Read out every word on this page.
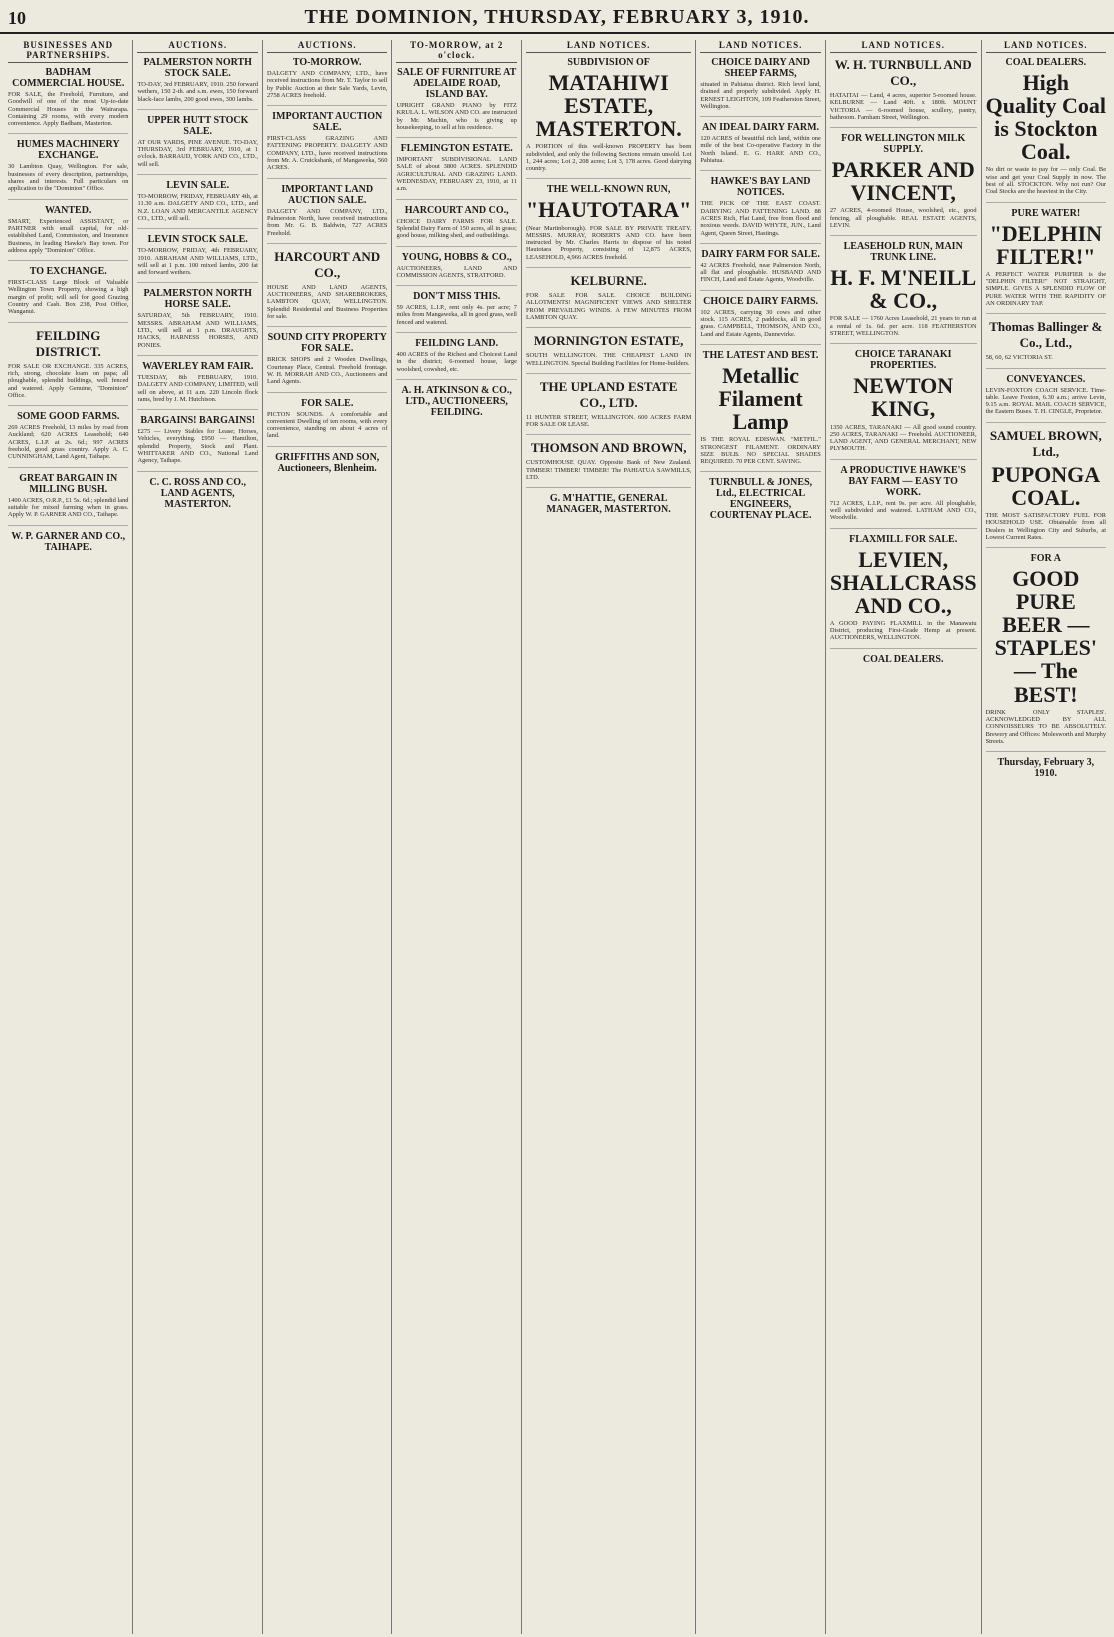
10	THE DOMINION, THURSDAY, FEBRUARY 3, 1910.
BUSINESSES AND PARTNERSHIPS.
BADHAM COMMERCIAL HOUSE.
FOR SALE, the Freehold, Furniture, and Goodwill of one of the most Up-to-date Commercial Houses in the Wairarapa. Containing 29 rooms, with every modern convenience. Apply Badham, Masterton.
HUMES MACHINERY EXCHANGE.
30 Lambton Quay, Wellington. For sale, businesses of every description, partnerships, shares and interests. Full particulars on application to the "Dominion" Office.
WANTED.
SMART, Experienced ASSISTANT, or PARTNER with small capital, for old-established Land, Commission, and Insurance Business, in leading Hawke's Bay town. For address apply "Dominion" Office.
TO EXCHANGE.
FIRST-CLASS Large Block of Valuable Wellington Town Property, showing a high margin of profit; will sell for good Grazing Country and Cash. Box 238, Post Office, Wanganui.
FEILDING DISTRICT.
FOR SALE OR EXCHANGE. 335 ACRES, rich, strong, chocolate loam on papa; all ploughable, splendid buildings, well fenced and watered. Apply Genuine, "Dominion" Office.
SOME GOOD FARMS.
269 ACRES Freehold, 13 miles by road from Auckland; 620 ACRES Leasehold; 640 ACRES, L.I.P. at 2s. 6d.; 997 ACRES freehold, good grass country. Apply A. C. CUNNINGHAM, Land Agent, Taihape.
GREAT BARGAIN IN MILLING BUSH.
1400 ACRES, O.R.P., £1 5s. 6d.; splendid land suitable for mixed farming when in grass. Apply W. P. GARNER AND CO., Taihape.
W. P. GARNER AND CO., TAIHAPE.
AUCTIONS.
PALMERSTON NORTH STOCK SALE.
TO-DAY, 3rd FEBRUARY, 1910. 250 forward wethers, 150 2-th. and s.m. ewes, 150 forward black-face lambs, 200 good ewes, 300 lambs.
UPPER HUTT STOCK SALE.
AT OUR YARDS, PINE AVENUE. TO-DAY, THURSDAY, 3rd FEBRUARY, 1910, at 1 o'clock. BARRAUD, YORK AND CO., LTD., will sell.
LEVIN SALE.
TO-MORROW, FRIDAY, FEBRUARY 4th, at 11.30 a.m. DALGETY AND CO., LTD., and N.Z. LOAN AND MERCANTILE AGENCY CO., LTD., will sell.
LEVIN STOCK SALE.
TO-MORROW, FRIDAY, 4th FEBRUARY, 1910. ABRAHAM AND WILLIAMS, LTD., will sell at 1 p.m. 100 mixed lambs, 200 fat and forward wethers.
PALMERSTON NORTH HORSE SALE.
SATURDAY, 5th FEBRUARY, 1910. MESSRS. ABRAHAM AND WILLIAMS, LTD., will sell at 1 p.m. DRAUGHTS, HACKS, HARNESS HORSES, AND PONIES.
WAVERLEY RAM FAIR.
TUESDAY, 8th FEBRUARY, 1910. DALGETY AND COMPANY, LIMITED, will sell on above, at 11 a.m. 220 Lincoln flock rams, bred by J. M. Hutchison.
BARGAINS! BARGAINS!
£275 — Livery Stables for Lease; Horses, Vehicles, everything. £950 — Hamilton, splendid Property, Stock and Plant. WHITTAKER AND CO., National Land Agency, Taihape.
C. C. ROSS AND CO., LAND AGENTS, MASTERTON.
AUCTIONS.
TO-MORROW.
DALGETY AND COMPANY, LTD., have received instructions from Mr. T. Taylor to sell by Public Auction at their Sale Yards, Levin, 2758 ACRES freehold.
IMPORTANT AUCTION SALE.
FIRST-CLASS GRAZING AND FATTENING PROPERTY. DALGETY AND COMPANY, LTD., have received instructions from Mr. A. Cruickshank, of Mangaweka, 560 ACRES.
IMPORTANT LAND AUCTION SALE.
DALGETY AND COMPANY, LTD., Palmerston North, have received instructions from Mr. G. B. Baldwin, 727 ACRES Freehold.
HARCOURT AND CO.,
HOUSE AND LAND AGENTS, AUCTIONEERS, AND SHAREBROKERS, LAMBTON QUAY, WELLINGTON. Splendid Residential and Business Properties for sale.
SOUND CITY PROPERTY FOR SALE.
BRICK SHOPS and 2 Wooden Dwellings, Courtenay Place, Central. Freehold frontage. W. H. MORRAH AND CO., Auctioneers and Land Agents.
FOR SALE.
PICTON SOUNDS. A comfortable and convenient Dwelling of ten rooms, with every convenience, standing on about 4 acres of land.
GRIFFITHS AND SON, Auctioneers, Blenheim.
TO-MORROW, at 2 o'clock.
SALE OF FURNITURE AT ADELAIDE ROAD, ISLAND BAY.
UPRIGHT GRAND PIANO by FITZ KRULA. L. WILSON AND CO. are instructed by Mr. Machin, who is giving up housekeeping, to sell at his residence.
FLEMINGTON ESTATE.
IMPORTANT SUBDIVISIONAL LAND SALE of about 3800 ACRES. SPLENDID AGRICULTURAL AND GRAZING LAND. WEDNESDAY, FEBRUARY 23, 1910, at 11 a.m.
HARCOURT AND CO.,
CHOICE DAIRY FARMS FOR SALE. Splendid Dairy Farm of 150 acres, all in grass; good house, milking shed, and outbuildings.
YOUNG, HOBBS & CO.,
AUCTIONEERS, LAND AND COMMISSION AGENTS, STRATFORD.
DON'T MISS THIS.
59 ACRES, L.I.P., rent only 4s. per acre; 7 miles from Mangaweka, all in good grass, well fenced and watered.
FEILDING LAND.
400 ACRES of the Richest and Choicest Land in the district; 6-roomed house, large woolshed, cowshed, etc.
A. H. ATKINSON & CO., LTD., AUCTIONEERS, FEILDING.
LAND NOTICES.
SUBDIVISION OF
MATAHIWI ESTATE, MASTERTON.
A PORTION of this well-known PROPERTY has been subdivided, and only the following Sections remain unsold. Lot 1, 244 acres; Lot 2, 208 acres; Lot 3, 178 acres. Good dairying country.
THE WELL-KNOWN RUN,
"HAUTOTARA"
(Near Martinborough). FOR SALE BY PRIVATE TREATY. MESSRS. MURRAY, ROBERTS AND CO. have been instructed by Mr. Charles Harris to dispose of his noted Hautotara Property, consisting of 12,875 ACRES, LEASEHOLD, 4,966 ACRES freehold.
KELBURNE.
FOR SALE FOR SALE. CHOICE BUILDING ALLOTMENTS! MAGNIFICENT VIEWS AND SHELTER FROM PREVAILING WINDS. A FEW MINUTES FROM LAMBTON QUAY.
MORNINGTON ESTATE,
SOUTH WELLINGTON. THE CHEAPEST LAND IN WELLINGTON. Special Building Facilities for Home-builders.
THE UPLAND ESTATE CO., LTD.
11 HUNTER STREET, WELLINGTON. 600 ACRES FARM FOR SALE OR LEASE.
THOMSON AND BROWN,
CUSTOMHOUSE QUAY. Opposite Bank of New Zealand. TIMBER! TIMBER! TIMBER! The PAHIATUA SAWMILLS, LTD.
G. M'HATTIE, GENERAL MANAGER, MASTERTON.
LAND NOTICES.
CHOICE DAIRY AND SHEEP FARMS,
situated in Pahiatua district. Rich level land, drained and properly subdivided. Apply H. ERNEST LEIGHTON, 109 Featherston Street, Wellington.
AN IDEAL DAIRY FARM.
120 ACRES of beautiful rich land, within one mile of the best Co-operative Factory in the North Island. E. G. HARE AND CO., Pahiatua.
HAWKE'S BAY LAND NOTICES.
THE PICK OF THE EAST COAST. DAIRYING AND FATTENING LAND. 88 ACRES Rich, Flat Land, free from flood and noxious weeds. DAVID WHYTE, JUN., Land Agent, Queen Street, Hastings.
DAIRY FARM FOR SALE.
42 ACRES Freehold, near Palmerston North, all flat and ploughable. HUSBAND AND FINCH, Land and Estate Agents, Woodville.
CHOICE DAIRY FARMS.
102 ACRES, carrying 30 cows and other stock. 115 ACRES, 2 paddocks, all in good grass. CAMPBELL, THOMSON, AND CO., Land and Estate Agents, Dannevirke.
THE LATEST AND BEST.
Metallic Filament Lamp
IS THE ROYAL EDISWAN. "METFIL." STRONGEST FILAMENT. ORDINARY SIZE BULB. NO SPECIAL SHADES REQUIRED. 70 PER CENT. SAVING.
TURNBULL & JONES, Ltd., ELECTRICAL ENGINEERS, COURTENAY PLACE.
LAND NOTICES.
W. H. TURNBULL AND CO.,
HATAITAI — Land, 4 acres, superior 5-roomed house. KELBURNE — Land 40ft. x 180ft. MOUNT VICTORIA — 6-roomed house, scullery, pantry, bathroom. Farnham Street, Wellington.
FOR WELLINGTON MILK SUPPLY.
PARKER AND VINCENT,
27 ACRES, 4-roomed House, woolshed, etc., good fencing, all ploughable. REAL ESTATE AGENTS, LEVIN.
LEASEHOLD RUN, MAIN TRUNK LINE.
H. F. M'NEILL & CO.,
FOR SALE — 1760 Acres Leasehold, 21 years to run at a rental of 1s. 6d. per acre. 118 FEATHERSTON STREET, WELLINGTON.
CHOICE TARANAKI PROPERTIES.
NEWTON KING,
1350 ACRES, TARANAKI — All good sound country. 250 ACRES, TARANAKI — Freehold. AUCTIONEER, LAND AGENT, AND GENERAL MERCHANT, NEW PLYMOUTH.
A PRODUCTIVE HAWKE'S BAY FARM — EASY TO WORK.
712 ACRES, L.I.P., rent 9s. per acre. All ploughable, well subdivided and watered. LATHAM AND CO., Woodville.
FLAXMILL FOR SALE.
LEVIEN, SHALLCRASS AND CO.,
A GOOD PAYING FLAXMILL in the Manawatu District, producing First-Grade Hemp at present. AUCTIONEERS, WELLINGTON.
COAL DEALERS.
LAND NOTICES.
COAL DEALERS.
High Quality Coal is Stockton Coal.
No dirt or waste to pay for — only Coal. Be wise and get your Coal Supply in now. The best of all. STOCKTON. Why not run? Our Coal Stocks are the heaviest in the City.
PURE WATER!
"DELPHIN FILTER!"
A PERFECT WATER PURIFIER is the "DELPHIN FILTER!" NOT STRAIGHT, SIMPLE. GIVES A SPLENDID FLOW OF PURE WATER WITH THE RAPIDITY OF AN ORDINARY TAP.
Thomas Ballinger & Co., Ltd.,
58, 60, 62 VICTORIA ST.
CONVEYANCES.
LEVIN-FOXTON COACH SERVICE. Time-table. Leave Foxton, 6.30 a.m.; arrive Levin, 9.15 a.m. ROYAL MAIL COACH SERVICE, the Eastern Buses. T. H. CINGLE, Proprietor.
SAMUEL BROWN, Ltd.,
PUPONGA COAL.
THE MOST SATISFACTORY FUEL FOR HOUSEHOLD USE. Obtainable from all Dealers in Wellington City and Suburbs, at Lowest Current Rates.
FOR A
GOOD PURE BEER — STAPLES' — The BEST!
DRINK ONLY STAPLES'. ACKNOWLEDGED BY ALL CONNOISSEURS TO BE ABSOLUTELY. Brewery and Offices: Molesworth and Murphy Streets.
Thursday, February 3, 1910.
